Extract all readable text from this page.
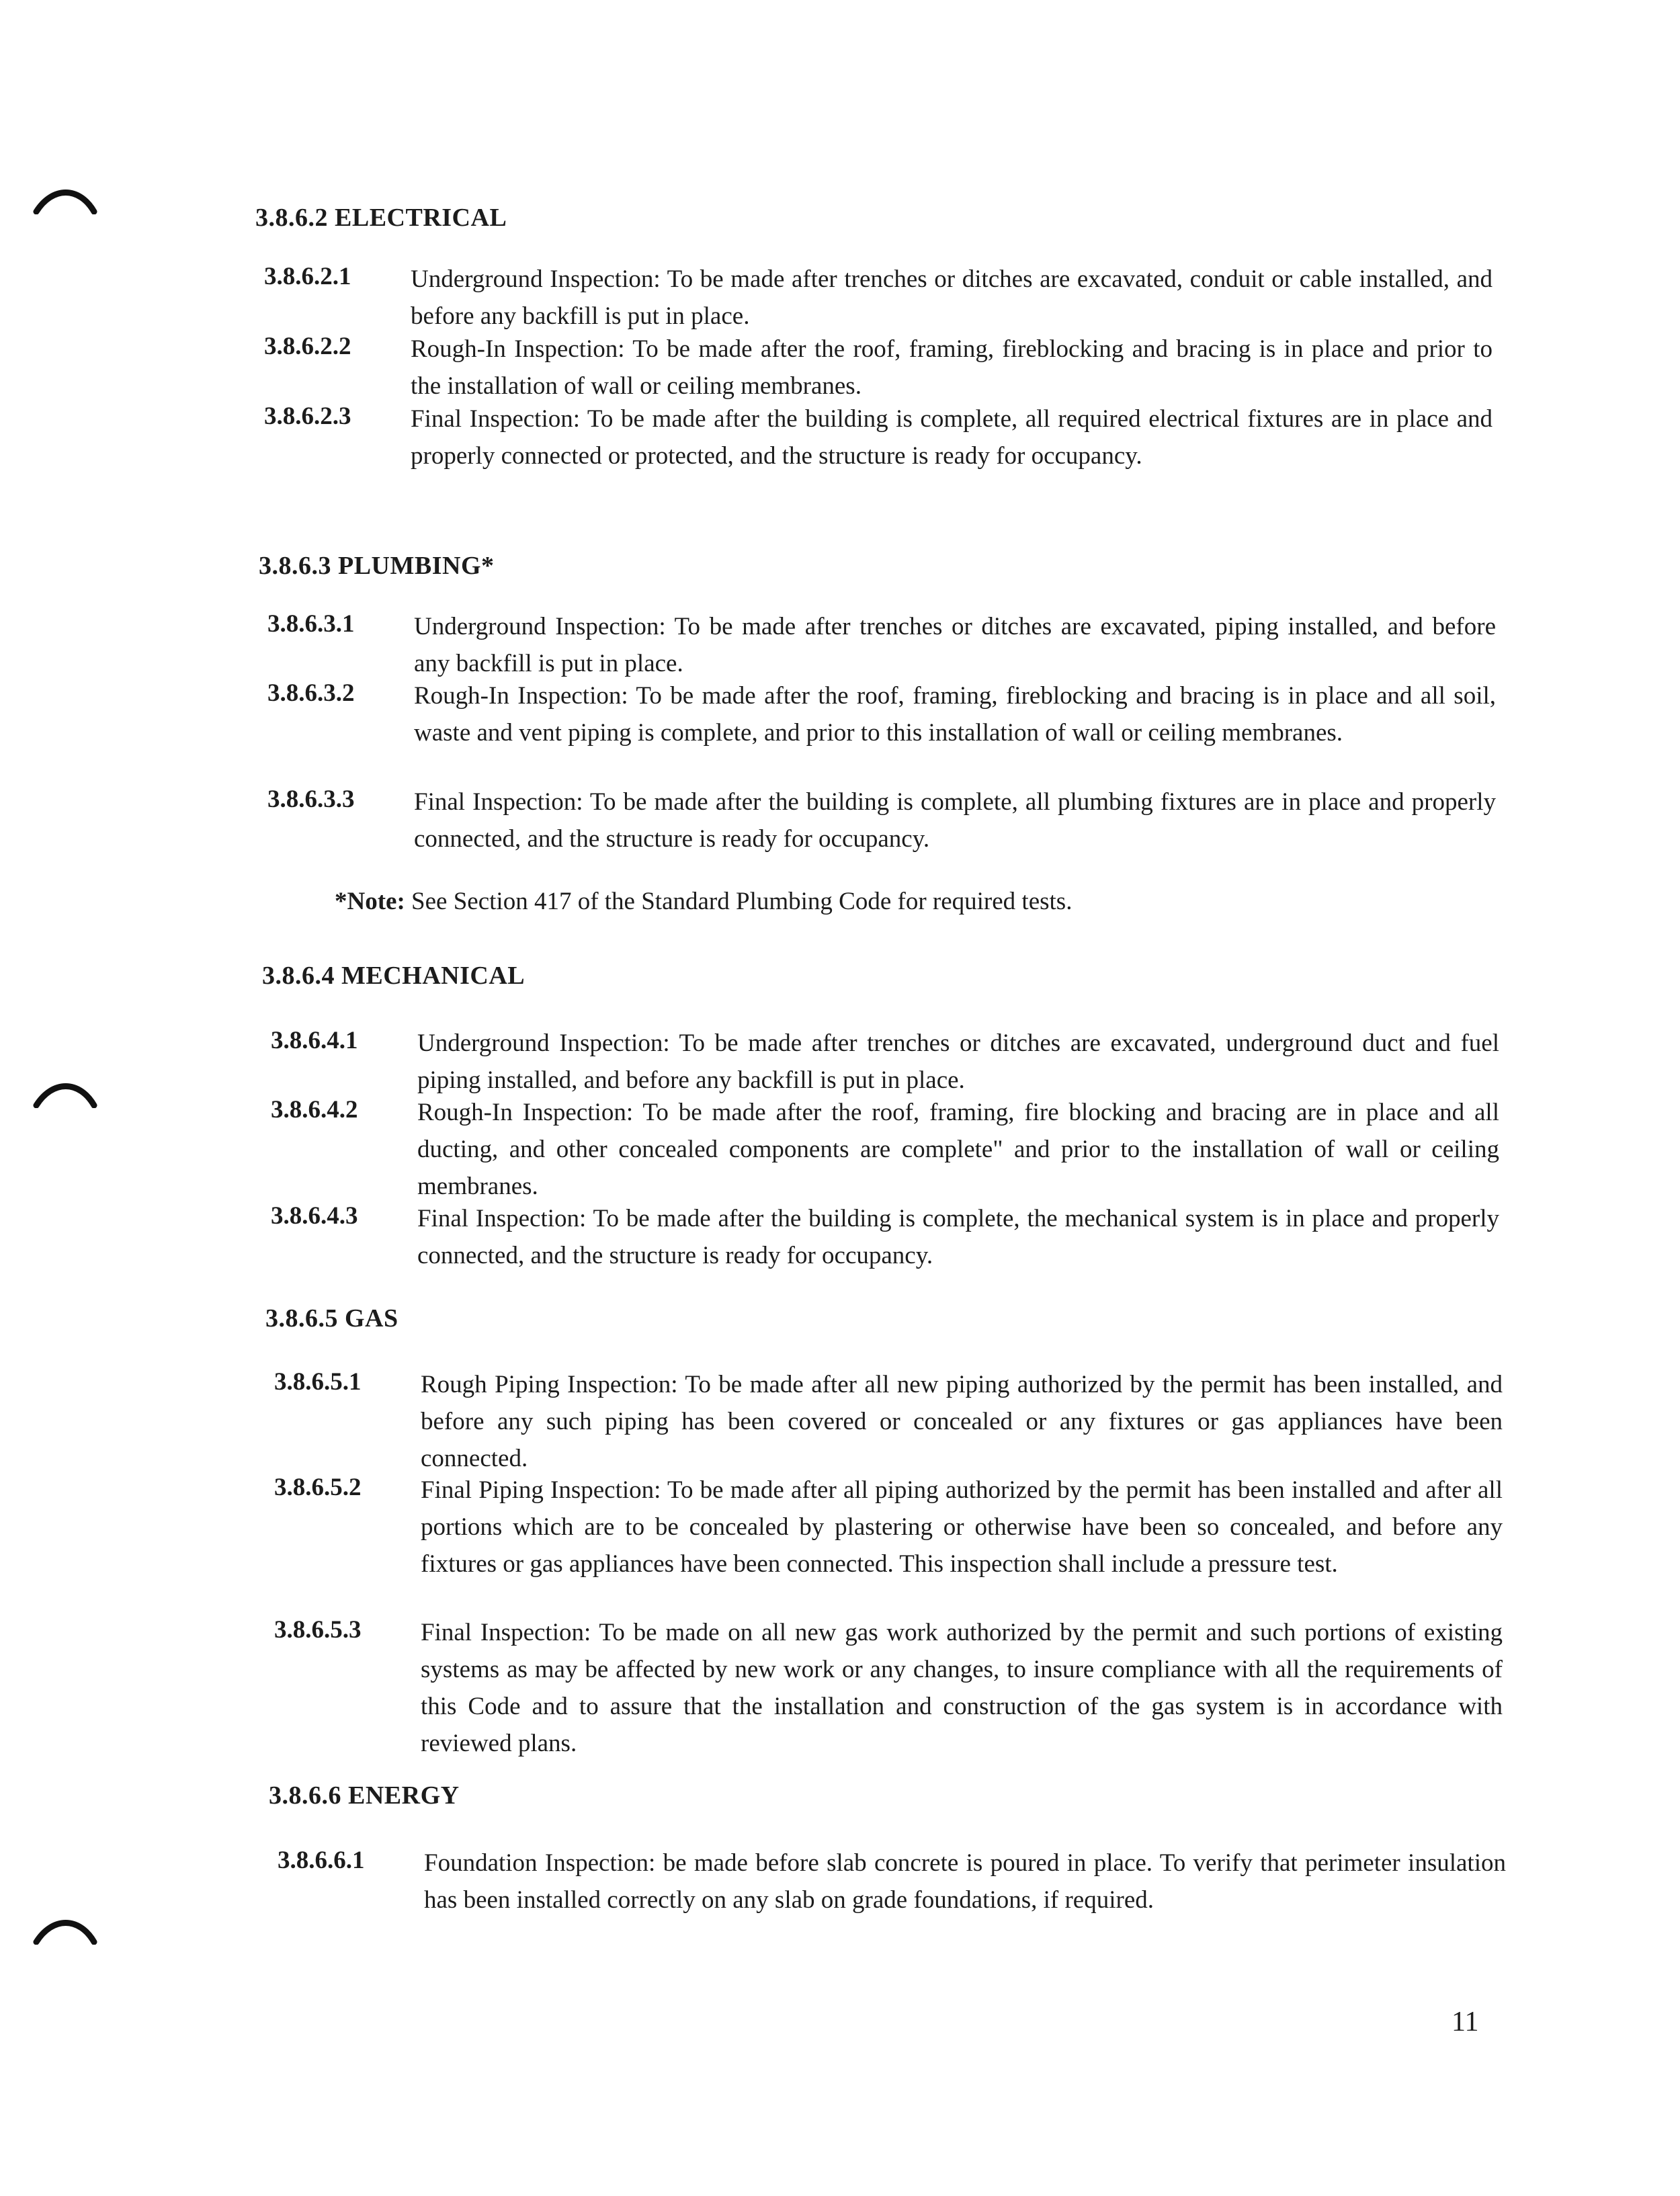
3.8.6.2 ELECTRICAL
3.8.6.2.1 Underground Inspection: To be made after trenches or ditches are excavated, conduit or cable installed, and before any backfill is put in place.
3.8.6.2.2 Rough-In Inspection: To be made after the roof, framing, fireblocking and bracing is in place and prior to the installation of wall or ceiling membranes.
3.8.6.2.3 Final Inspection: To be made after the building is complete, all required electrical fixtures are in place and properly connected or protected, and the structure is ready for occupancy.
3.8.6.3 PLUMBING*
3.8.6.3.1 Underground Inspection: To be made after trenches or ditches are excavated, piping installed, and before any backfill is put in place.
3.8.6.3.2 Rough-In Inspection: To be made after the roof, framing, fireblocking and bracing is in place and all soil, waste and vent piping is complete, and prior to this installation of wall or ceiling membranes.
3.8.6.3.3 Final Inspection: To be made after the building is complete, all plumbing fixtures are in place and properly connected, and the structure is ready for occupancy.
*Note: See Section 417 of the Standard Plumbing Code for required tests.
3.8.6.4 MECHANICAL
3.8.6.4.1 Underground Inspection: To be made after trenches or ditches are excavated, underground duct and fuel piping installed, and before any backfill is put in place.
3.8.6.4.2 Rough-In Inspection: To be made after the roof, framing, fire blocking and bracing are in place and all ducting, and other concealed components are complete" and prior to the installation of wall or ceiling membranes.
3.8.6.4.3 Final Inspection: To be made after the building is complete, the mechanical system is in place and properly connected, and the structure is ready for occupancy.
3.8.6.5 GAS
3.8.6.5.1 Rough Piping Inspection: To be made after all new piping authorized by the permit has been installed, and before any such piping has been covered or concealed or any fixtures or gas appliances have been connected.
3.8.6.5.2 Final Piping Inspection: To be made after all piping authorized by the permit has been installed and after all portions which are to be concealed by plastering or otherwise have been so concealed, and before any fixtures or gas appliances have been connected. This inspection shall include a pressure test.
3.8.6.5.3 Final Inspection: To be made on all new gas work authorized by the permit and such portions of existing systems as may be affected by new work or any changes, to insure compliance with all the requirements of this Code and to assure that the installation and construction of the gas system is in accordance with reviewed plans.
3.8.6.6 ENERGY
3.8.6.6.1 Foundation Inspection: be made before slab concrete is poured in place. To verify that perimeter insulation has been installed correctly on any slab on grade foundations, if required.
11
